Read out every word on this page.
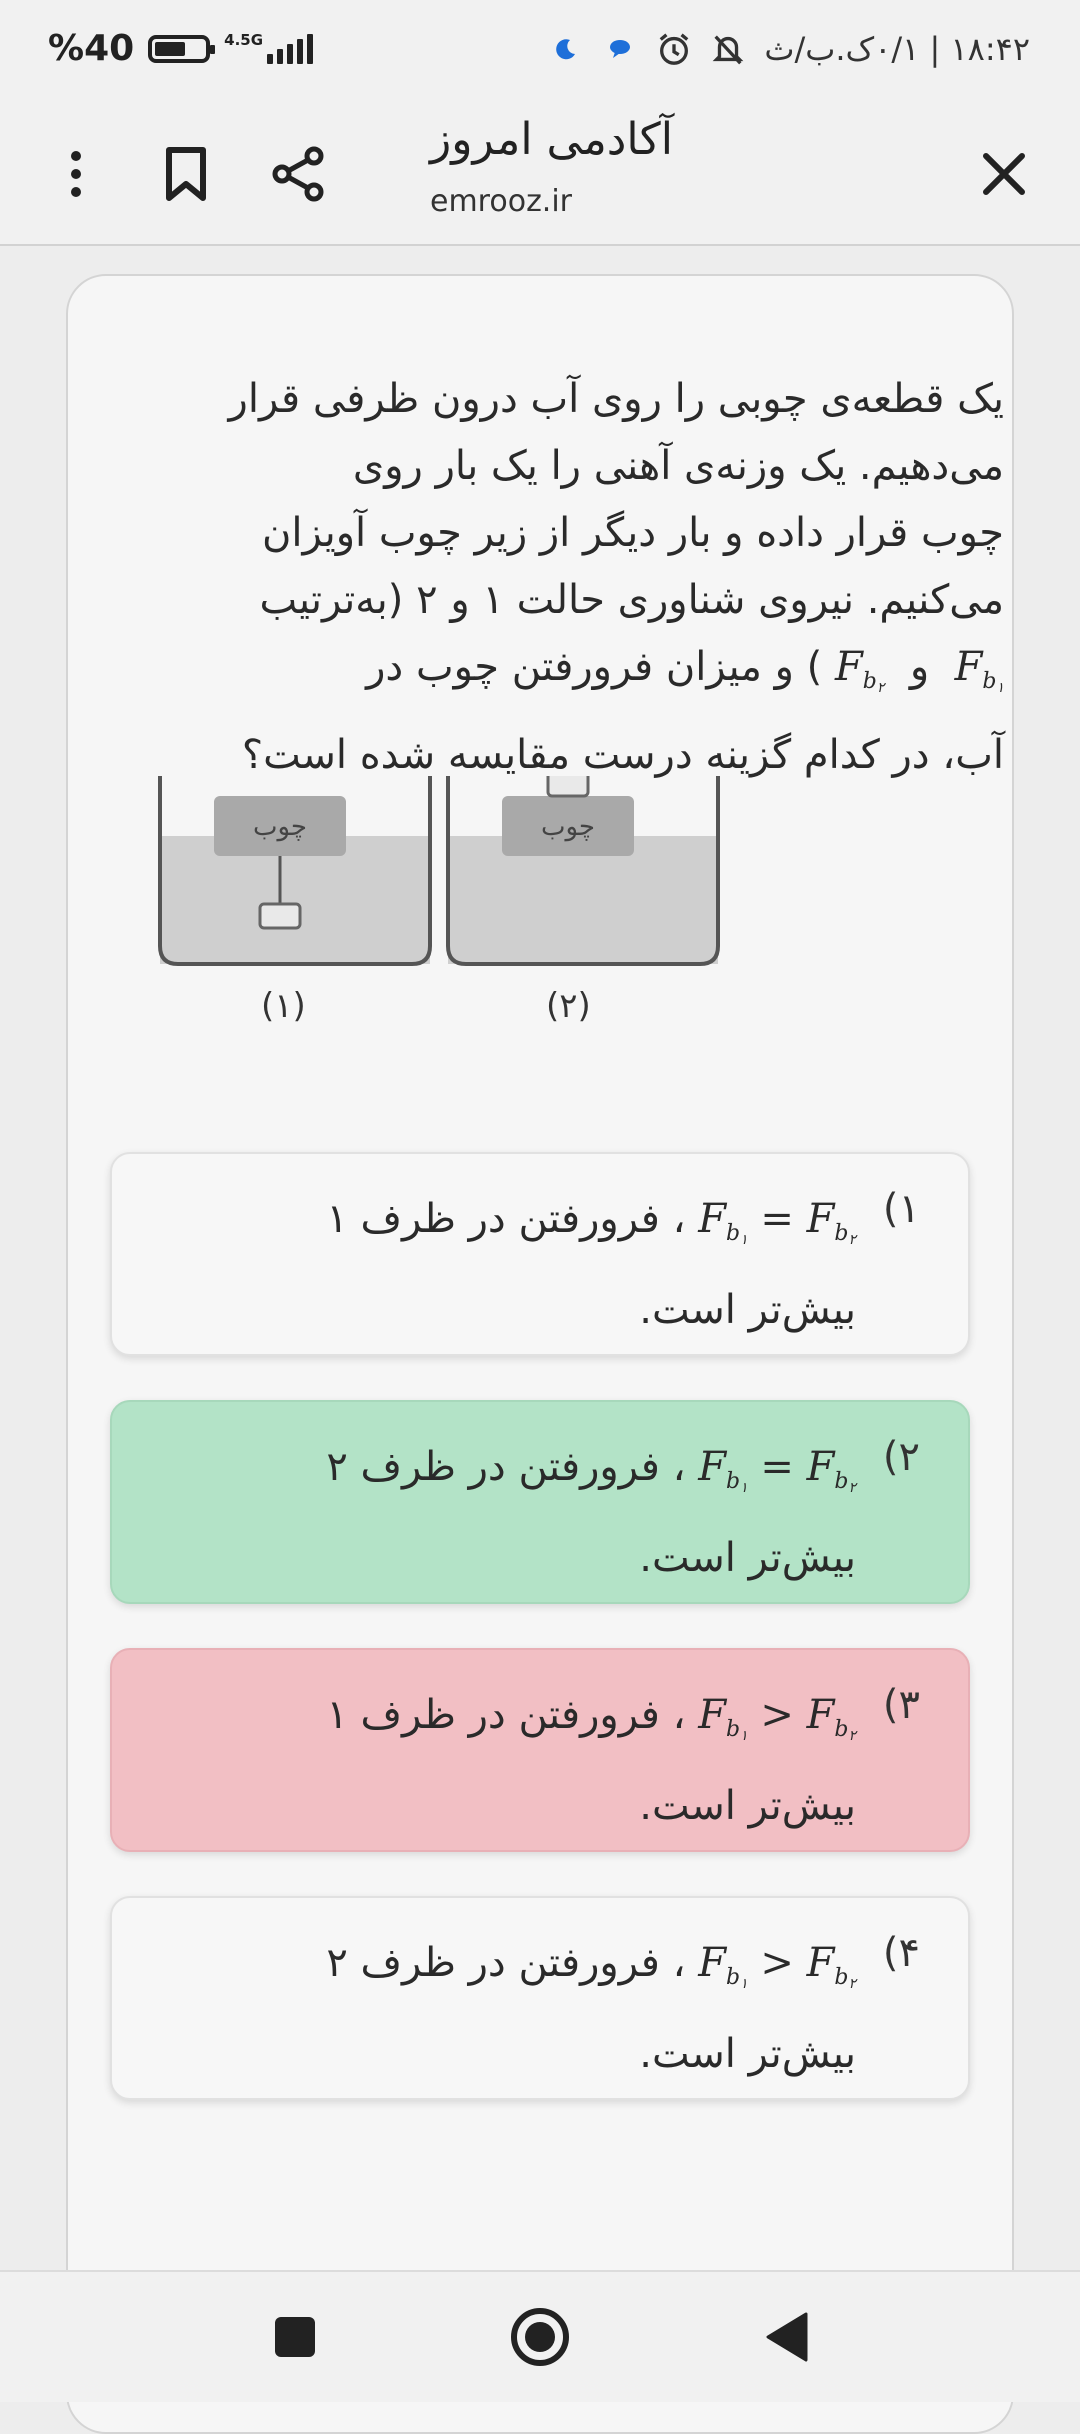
%40	4.5G	۱۸:۴۲ | ۰/۱ک.ب/ث
آکادمی امروز
emrooz.ir
یک قطعه‌ی چوبی را روی آب درون ظرفی قرار
می‌دهیم. یک وزنه‌ی آهنی را یک بار روی
چوب قرار داده و بار دیگر از زیر چوب آویزان
می‌کنیم. نیروی شناوری حالت ۱ و ۲ (به‌ترتیب
$F_{b_۱}$  و  $F_{b_۲}$ ) و میزان فرورفتن چوب در
آب، در کدام گزینه درست مقایسه شده است؟
چوب	چوب
(۱)	(۲)
۱)
$F_{b_۱} = F_{b_۲}$ ، فرورفتن در ظرف ۱
بیش‌تر است.
۲)
$F_{b_۱} = F_{b_۲}$ ، فرورفتن در ظرف ۲
بیش‌تر است.
۳)
$F_{b_۱} > F_{b_۲}$ ، فرورفتن در ظرف ۱
بیش‌تر است.
۴)
$F_{b_۱} > F_{b_۲}$ ، فرورفتن در ظرف ۲
بیش‌تر است.
